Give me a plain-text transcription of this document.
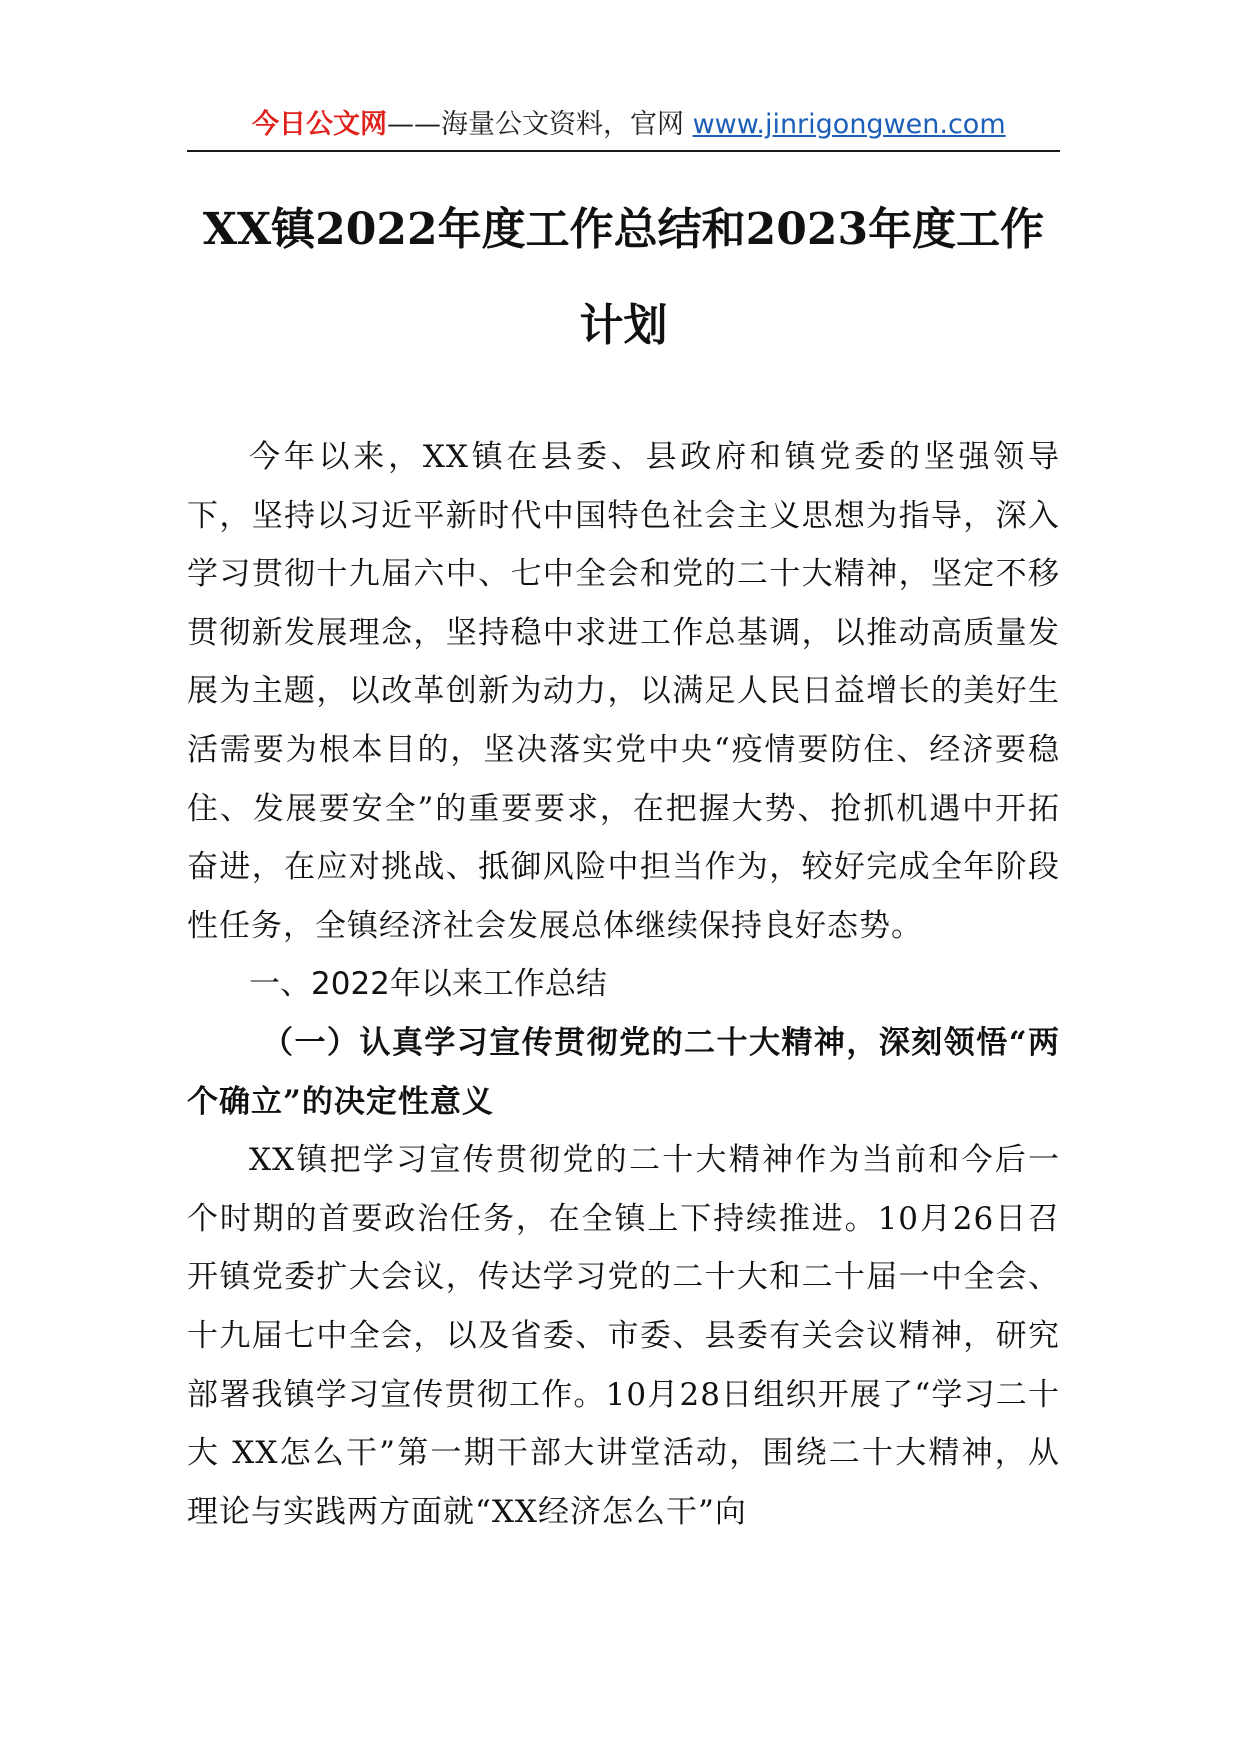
今日公文网——海量公文资料，官网 www.jinrigongwen.com
XX镇2022年度工作总结和2023年度工作
计划

今年以来，XX镇在县委、县政府和镇党委的坚强领导下，坚持以习近平新时代中国特色社会主义思想为指导，深入学习贯彻十九届六中、七中全会和党的二十大精神，坚定不移贯彻新发展理念，坚持稳中求进工作总基调，以推动高质量发展为主题，以改革创新为动力，以满足人民日益增长的美好生活需要为根本目的，坚决落实党中央“疫情要防住、经济要稳住、发展要安全”的重要要求，在把握大势、抢抓机遇中开拓奋进，在应对挑战、抵御风险中担当作为，较好完成全年阶段性任务，全镇经济社会发展总体继续保持良好态势。

一、2022年以来工作总结

（一）认真学习宣传贯彻党的二十大精神，深刻领悟“两个确立”的决定性意义

XX镇把学习宣传贯彻党的二十大精神作为当前和今后一个时期的首要政治任务，在全镇上下持续推进。10月26日召开镇党委扩大会议，传达学习党的二十大和二十届一中全会、十九届七中全会，以及省委、市委、县委有关会议精神，研究部署我镇学习宣传贯彻工作。10月28日组织开展了“学习二十大 XX怎么干”第一期干部大讲堂活动，围绕二十大精神，从理论与实践两方面就“XX经济怎么干”向
